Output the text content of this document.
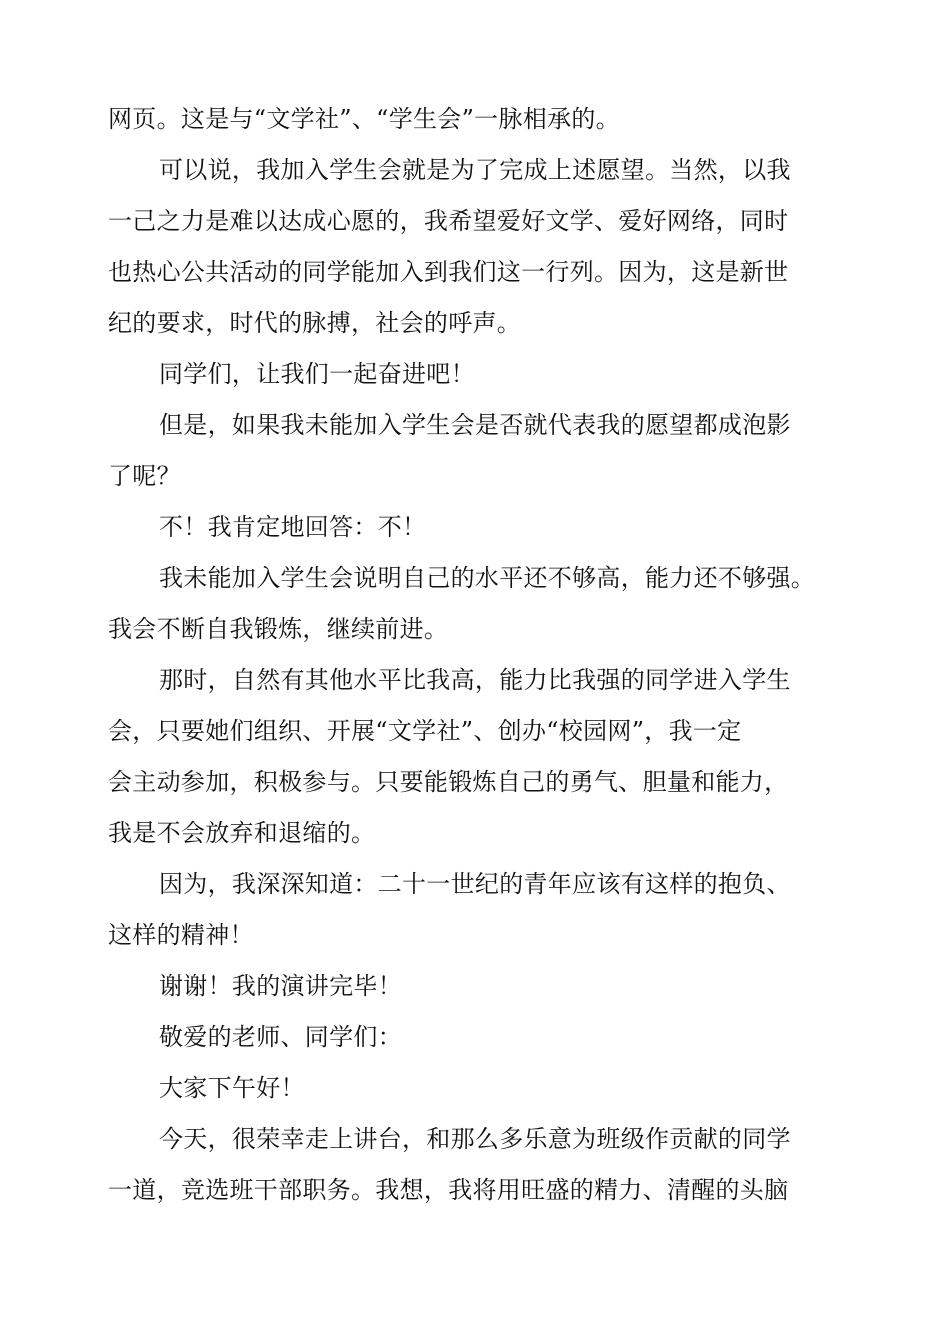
网页。这是与“文学社”、“学生会”一脉相承的。
可以说，我加入学生会就是为了完成上述愿望。当然，以我
一己之力是难以达成心愿的，我希望爱好文学、爱好网络，同时
也热心公共活动的同学能加入到我们这一行列。因为，这是新世
纪的要求，时代的脉搏，社会的呼声。
同学们，让我们一起奋进吧！
但是，如果我未能加入学生会是否就代表我的愿望都成泡影
了呢？
不！我肯定地回答：不！
我未能加入学生会说明自己的水平还不够高，能力还不够强。
我会不断自我锻炼，继续前进。
那时，自然有其他水平比我高，能力比我强的同学进入学生
会，只要她们组织、开展“文学社”、创办“校园网”，我一定
会主动参加，积极参与。只要能锻炼自己的勇气、胆量和能力，
我是不会放弃和退缩的。
因为，我深深知道：二十一世纪的青年应该有这样的抱负、
这样的精神！
谢谢！我的演讲完毕！
敬爱的老师、同学们：
大家下午好！
今天，很荣幸走上讲台，和那么多乐意为班级作贡献的同学
一道，竞选班干部职务。我想，我将用旺盛的精力、清醒的头脑
